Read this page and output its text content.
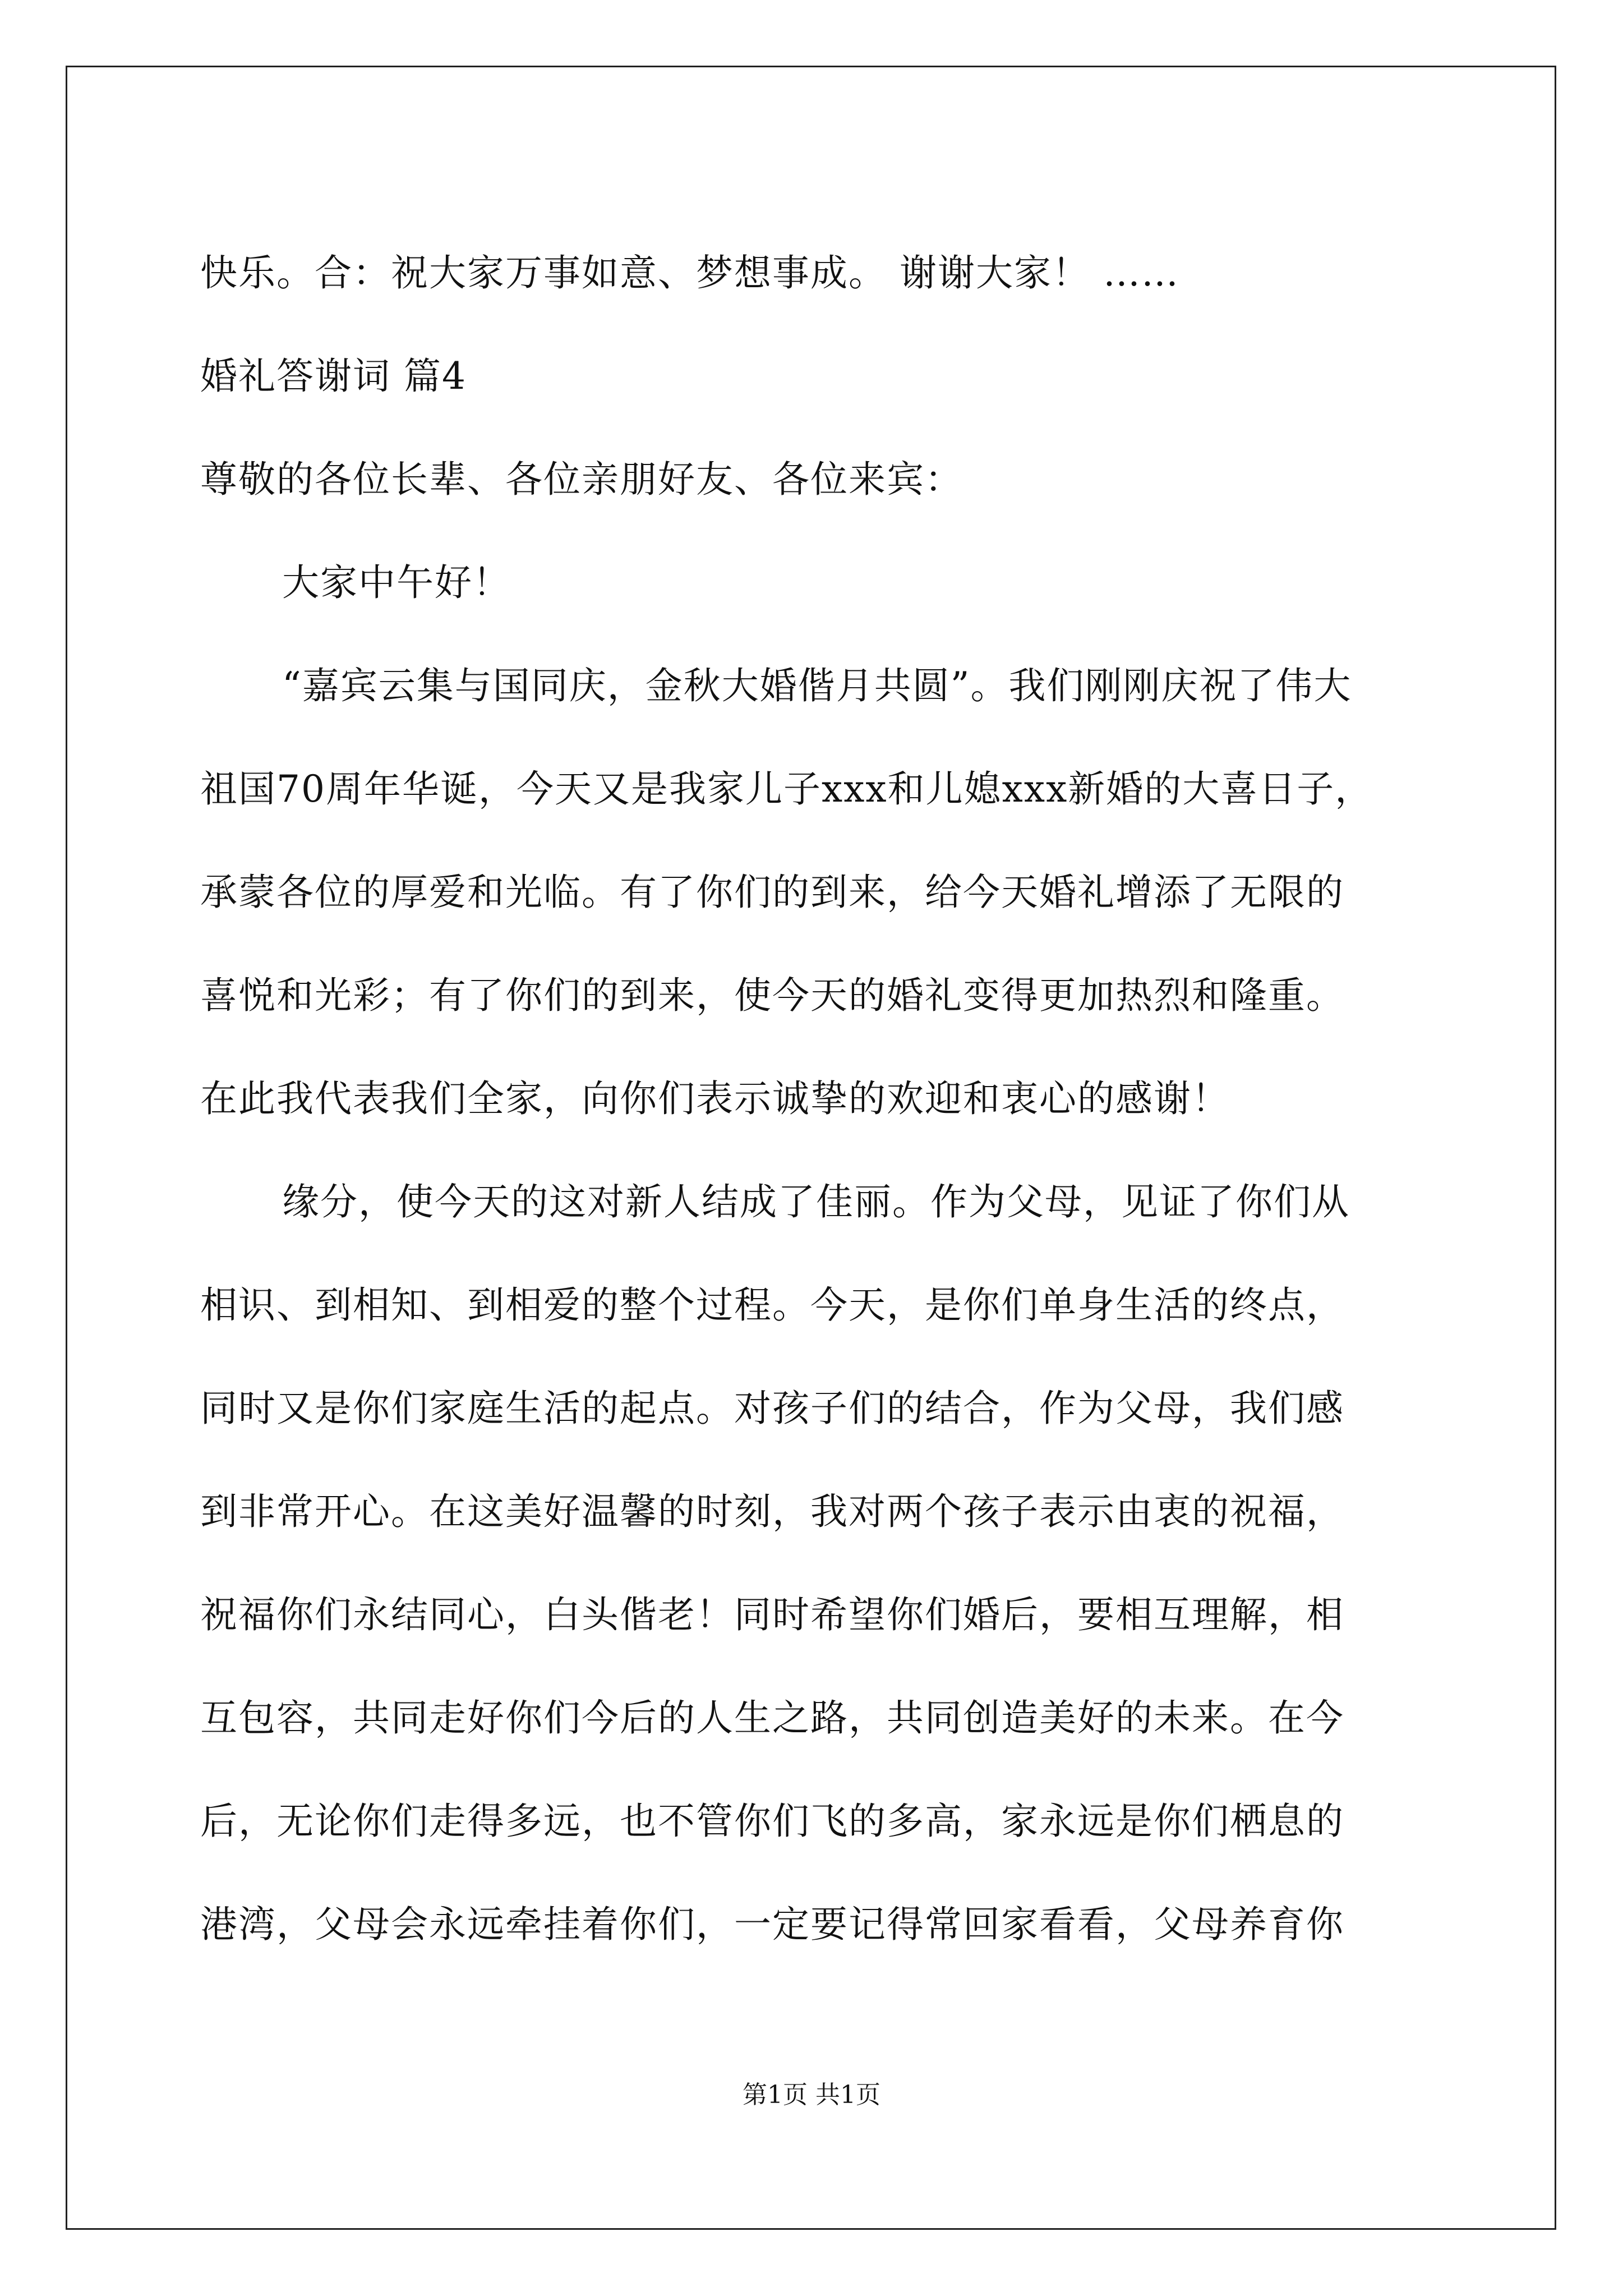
快乐。合：祝大家万事如意、梦想事成。 谢谢大家！ ……
婚礼答谢词 篇4
尊敬的各位长辈、各位亲朋好友、各位来宾：
大家中午好！
“嘉宾云集与国同庆，金秋大婚偕月共圆”。我们刚刚庆祝了伟大
祖国70周年华诞，今天又是我家儿子xxx和儿媳xxx新婚的大喜日子，
承蒙各位的厚爱和光临。有了你们的到来，给今天婚礼增添了无限的
喜悦和光彩；有了你们的到来，使今天的婚礼变得更加热烈和隆重。
在此我代表我们全家，向你们表示诚挚的欢迎和衷心的感谢！
缘分，使今天的这对新人结成了佳丽。作为父母，见证了你们从
相识、到相知、到相爱的整个过程。今天，是你们单身生活的终点，
同时又是你们家庭生活的起点。对孩子们的结合，作为父母，我们感
到非常开心。在这美好温馨的时刻，我对两个孩子表示由衷的祝福，
祝福你们永结同心，白头偕老！同时希望你们婚后，要相互理解，相
互包容，共同走好你们今后的人生之路，共同创造美好的未来。在今
后，无论你们走得多远，也不管你们飞的多高，家永远是你们栖息的
港湾，父母会永远牵挂着你们，一定要记得常回家看看，父母养育你
第1页 共1页
